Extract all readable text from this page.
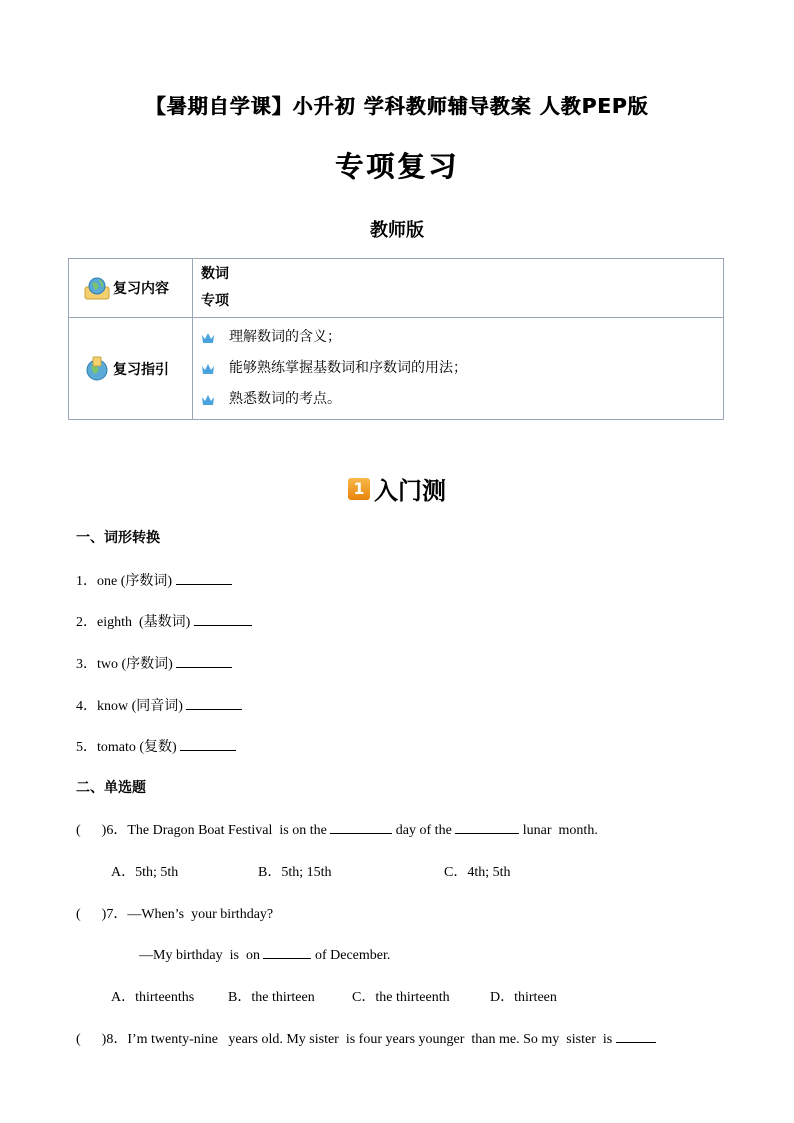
【暑期自学课】小升初 学科教师辅导教案 人教PEP版
专项复习
教师版
复习内容	数词
专项

复习指引	理解数词的含义；
能够熟练掌握基数词和序数词的用法；
熟悉数词的考点。
1 入门测
一、词形转换
1．one (序数词)
2．eighth  (基数词)
3．two (序数词)
4．know (同音词)
5．tomato (复数)
二、单选题
(      )6．The Dragon Boat Festival  is on the	day of the	lunar  month.
A．5th; 5th	B．5th; 15th	C．4th; 5th
(      )7．—When’s  your birthday?
—My birthday  is  on	of December.
A．thirteenths B．the thirteen	C．the thirteenth	D．thirteen
(      )8．I’m twenty-nine   years old. My sister  is four years younger  than me. So my  sister  is
